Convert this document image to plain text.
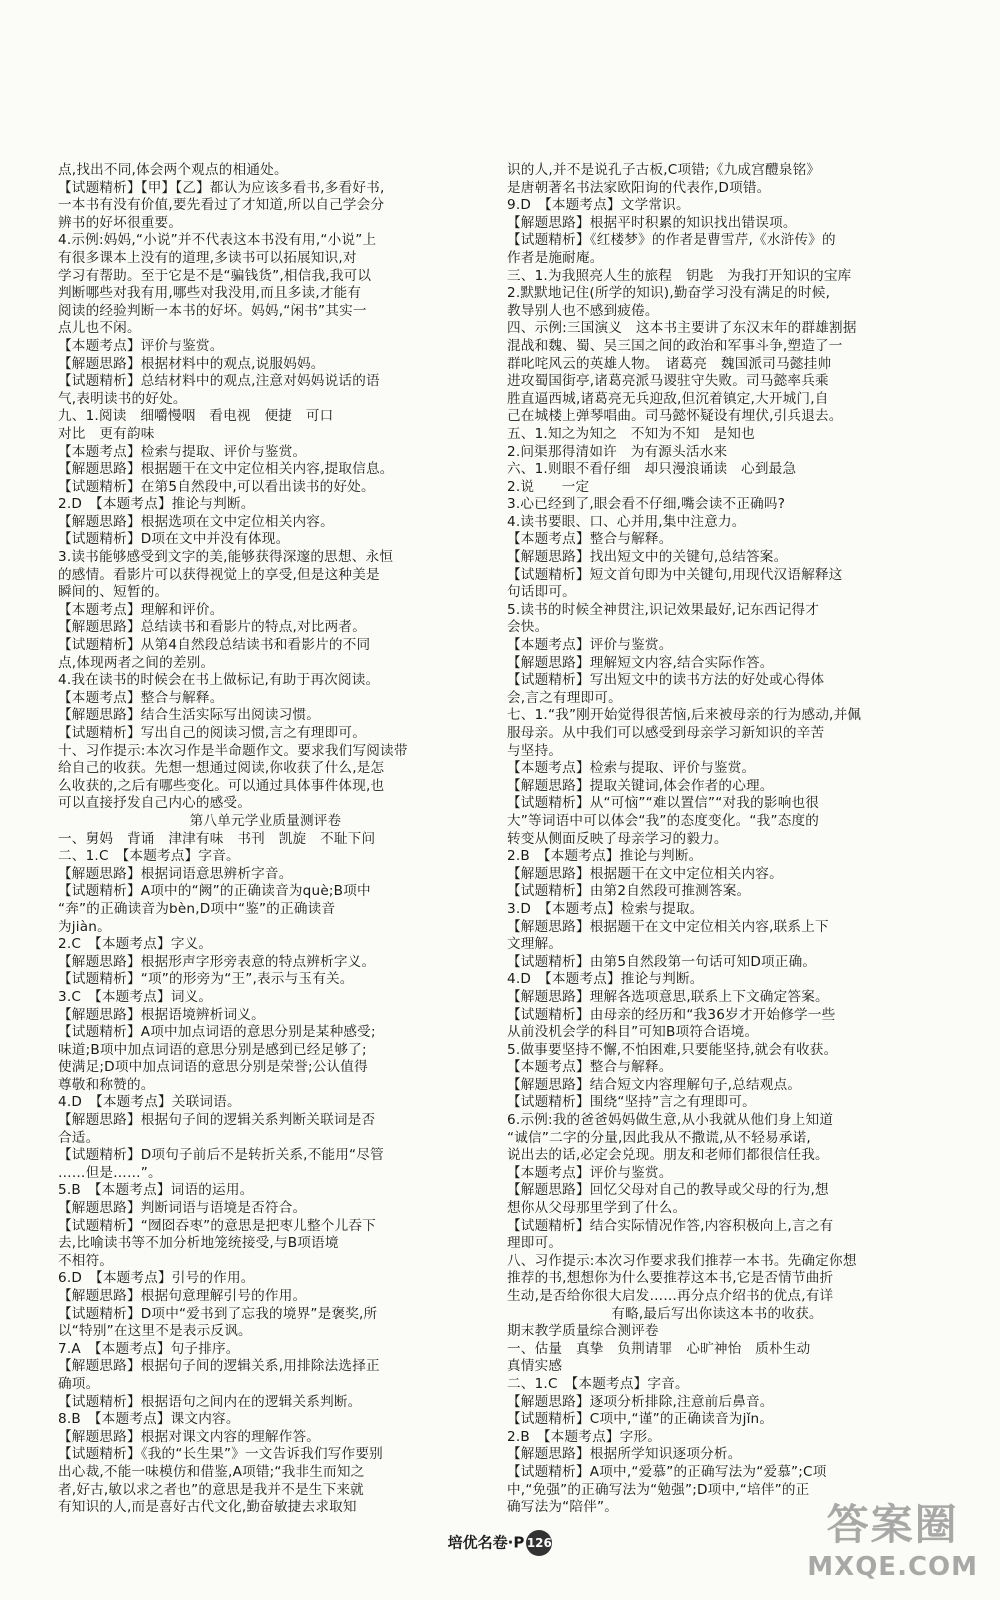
点,找出不同,体会两个观点的相通处。
【试题精析】【甲】【乙】都认为应该多看书,多看好书,
一本书有没有价值,要先看过了才知道,所以自己学会分
辨书的好坏很重要。
4.示例:妈妈,“小说”并不代表这本书没有用,“小说”上
有很多课本上没有的道理,多读书可以拓展知识,对
学习有帮助。至于它是不是“骗钱货”,相信我,我可以
判断哪些对我有用,哪些对我没用,而且多读,才能有
阅读的经验判断一本书的好坏。妈妈,“闲书”其实一
点儿也不闲。
【本题考点】评价与鉴赏。
【解题思路】根据材料中的观点,说服妈妈。
【试题精析】总结材料中的观点,注意对妈妈说话的语
气,表明读书的好处。
九、1.阅读　细嚼慢咽　看电视　便捷　可口
对比　更有韵味
【本题考点】检索与提取、评价与鉴赏。
【解题思路】根据题干在文中定位相关内容,提取信息。
【试题精析】在第5自然段中,可以看出读书的好处。
2.D　【本题考点】推论与判断。
【解题思路】根据选项在文中定位相关内容。
【试题精析】D项在文中并没有体现。
3.读书能够感受到文字的美,能够获得深邃的思想、永恒
的感情。看影片可以获得视觉上的享受,但是这种美是
瞬间的、短暂的。
【本题考点】理解和评价。
【解题思路】总结读书和看影片的特点,对比两者。
【试题精析】从第4自然段总结读书和看影片的不同
点,体现两者之间的差别。
4.我在读书的时候会在书上做标记,有助于再次阅读。
【本题考点】整合与解释。
【解题思路】结合生活实际写出阅读习惯。
【试题精析】写出自己的阅读习惯,言之有理即可。
十、习作提示:本次习作是半命题作文。要求我们写阅读带
给自己的收获。先想一想通过阅读,你收获了什么,是怎
么收获的,之后有哪些变化。可以通过具体事件体现,也
可以直接抒发自己内心的感受。
第八单元学业质量测评卷
一、舅妈　背诵　津津有味　书刊　凯旋　不耻下问
二、1.C　【本题考点】字音。
【解题思路】根据词语意思辨析字音。
【试题精析】A项中的“阙”的正确读音为què;B项中
“奔”的正确读音为bèn,D项中“鉴”的正确读音
为jiàn。
2.C　【本题考点】字义。
【解题思路】根据形声字形旁表意的特点辨析字义。
【试题精析】“项”的形旁为“王”,表示与玉有关。
3.C　【本题考点】词义。
【解题思路】根据语境辨析词义。
【试题精析】A项中加点词语的意思分别是某种感受;
味道;B项中加点词语的意思分别是感到已经足够了;
使满足;D项中加点词语的意思分别是荣誉;公认值得
尊敬和称赞的。
4.D　【本题考点】关联词语。
【解题思路】根据句子间的逻辑关系判断关联词是否
合适。
【试题精析】D项句子前后不是转折关系,不能用“尽管
……但是……”。
5.B　【本题考点】词语的运用。
【解题思路】判断词语与语境是否符合。
【试题精析】“囫囵吞枣”的意思是把枣儿整个儿吞下
去,比喻读书等不加分析地笼统接受,与B项语境
不相符。
6.D　【本题考点】引号的作用。
【解题思路】根据句意理解引号的作用。
【试题精析】D项中“爱书到了忘我的境界”是褒奖,所
以“特别”在这里不是表示反讽。
7.A　【本题考点】句子排序。
【解题思路】根据句子间的逻辑关系,用排除法选择正
确项。
【试题精析】根据语句之间内在的逻辑关系判断。
8.B　【本题考点】课文内容。
【解题思路】根据对课文内容的理解作答。
【试题精析】《我的“长生果”》一文告诉我们写作要别
出心裁,不能一味模仿和借鉴,A项错;“我非生而知之
者,好古,敏以求之者也”的意思是我并不是生下来就
有知识的人,而是喜好古代文化,勤奋敏捷去求取知
识的人,并不是说孔子古板,C项错;《九成宫醴泉铭》
是唐朝著名书法家欧阳询的代表作,D项错。
9.D　【本题考点】文学常识。
【解题思路】根据平时积累的知识找出错误项。
【试题精析】《红楼梦》的作者是曹雪芹,《水浒传》的
作者是施耐庵。
三、1.为我照亮人生的旅程　钥匙　为我打开知识的宝库
2.默默地记住(所学的知识),勤奋学习没有满足的时候,
教导别人也不感到疲倦。
四、示例:三国演义　这本书主要讲了东汉末年的群雄割据
混战和魏、蜀、吴三国之间的政治和军事斗争,塑造了一
群叱咤风云的英雄人物。　诸葛亮　魏国派司马懿挂帅
进攻蜀国街亭,诸葛亮派马谡驻守失败。司马懿率兵乘
胜直逼西城,诸葛亮无兵迎敌,但沉着镇定,大开城门,自
己在城楼上弹琴唱曲。司马懿怀疑设有埋伏,引兵退去。
五、1.知之为知之　不知为不知　是知也
2.问渠那得清如许　为有源头活水来
六、1.则眼不看仔细　却只漫浪诵读　心到最急
2.说　　一定
3.心已经到了,眼会看不仔细,嘴会读不正确吗?
4.读书要眼、口、心并用,集中注意力。
【本题考点】整合与解释。
【解题思路】找出短文中的关键句,总结答案。
【试题精析】短文首句即为中关键句,用现代汉语解释这
句话即可。
5.读书的时候全神贯注,识记效果最好,记东西记得才
会快。
【本题考点】评价与鉴赏。
【解题思路】理解短文内容,结合实际作答。
【试题精析】写出短文中的读书方法的好处或心得体
会,言之有理即可。
七、1.“我”刚开始觉得很苦恼,后来被母亲的行为感动,并佩
服母亲。从中我们可以感受到母亲学习新知识的辛苦
与坚持。
【本题考点】检索与提取、评价与鉴赏。
【解题思路】提取关键词,体会作者的心理。
【试题精析】从“可恼”“难以置信”“对我的影响也很
大”等词语中可以体会“我”的态度变化。“我”态度的
转变从侧面反映了母亲学习的毅力。
2.B　【本题考点】推论与判断。
【解题思路】根据题干在文中定位相关内容。
【试题精析】由第2自然段可推测答案。
3.D　【本题考点】检索与提取。
【解题思路】根据题干在文中定位相关内容,联系上下
文理解。
【试题精析】由第5自然段第一句话可知D项正确。
4.D　【本题考点】推论与判断。
【解题思路】理解各选项意思,联系上下文确定答案。
【试题精析】由母亲的经历和“我36岁才开始修学一些
从前没机会学的科目”可知B项符合语境。
5.做事要坚持不懈,不怕困难,只要能坚持,就会有收获。
【本题考点】整合与解释。
【解题思路】结合短文内容理解句子,总结观点。
【试题精析】围绕“坚持”言之有理即可。
6.示例:我的爸爸妈妈做生意,从小我就从他们身上知道
“诚信”二字的分量,因此我从不撒谎,从不轻易承诺,
说出去的话,必定会兑现。朋友和老师们都很信任我。
【本题考点】评价与鉴赏。
【解题思路】回忆父母对自己的教导或父母的行为,想
想你从父母那里学到了什么。
【试题精析】结合实际情况作答,内容积极向上,言之有
理即可。
八、习作提示:本次习作要求我们推荐一本书。先确定你想
推荐的书,想想你为什么要推荐这本书,它是否情节曲折
生动,是否给你很大启发……再分点介绍书的优点,有详
有略,最后写出你读这本书的收获。
期末教学质量综合测评卷
一、估量　真挚　负荆请罪　心旷神怡　质朴生动
真情实感
二、1.C　【本题考点】字音。
【解题思路】逐项分析排除,注意前后鼻音。
【试题精析】C项中,“谨”的正确读音为jǐn。
2.B　【本题考点】字形。
【解题思路】根据所学知识逐项分析。
【试题精析】A项中,“爱慕”的正确写法为“爱慕”;C项
中,“免强”的正确写法为“勉强”;D项中,“培伴”的正
确写法为“陪伴”。
培优名卷·P 126	答案圈
MXQE.COM
